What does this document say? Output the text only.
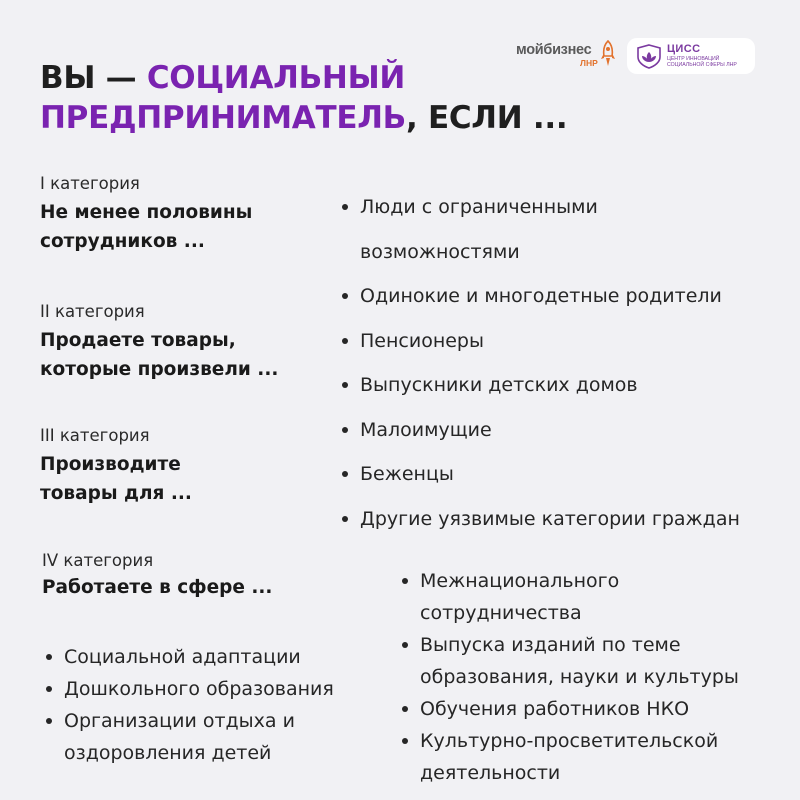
мойбизнес
ЛНР
ЦИСС
ЦЕНТР ИННОВАЦИЙ
СОЦИАЛЬНОЙ СФЕРЫ ЛНР
ВЫ — СОЦИАЛЬНЫЙ
ПРЕДПРИНИМАТЕЛЬ, ЕСЛИ ...
I категория
Не менее половины
сотрудников ...
II категория
Продаете товары,
которые произвели ...
III категория
Производите
товары для ...
IV категория
Работаете в сфере ...
Люди с ограниченными
возможностями
Одинокие и многодетные родители
Пенсионеры
Выпускники детских домов
Малоимущие
Беженцы
Другие уязвимые категории граждан
Социальной адаптации
Дошкольного образования
Организации отдыха и
оздоровления детей
Межнационального
сотрудничества
Выпуска изданий по теме
образования, науки и культуры
Обучения работников НКО
Культурно-просветительской
деятельности
